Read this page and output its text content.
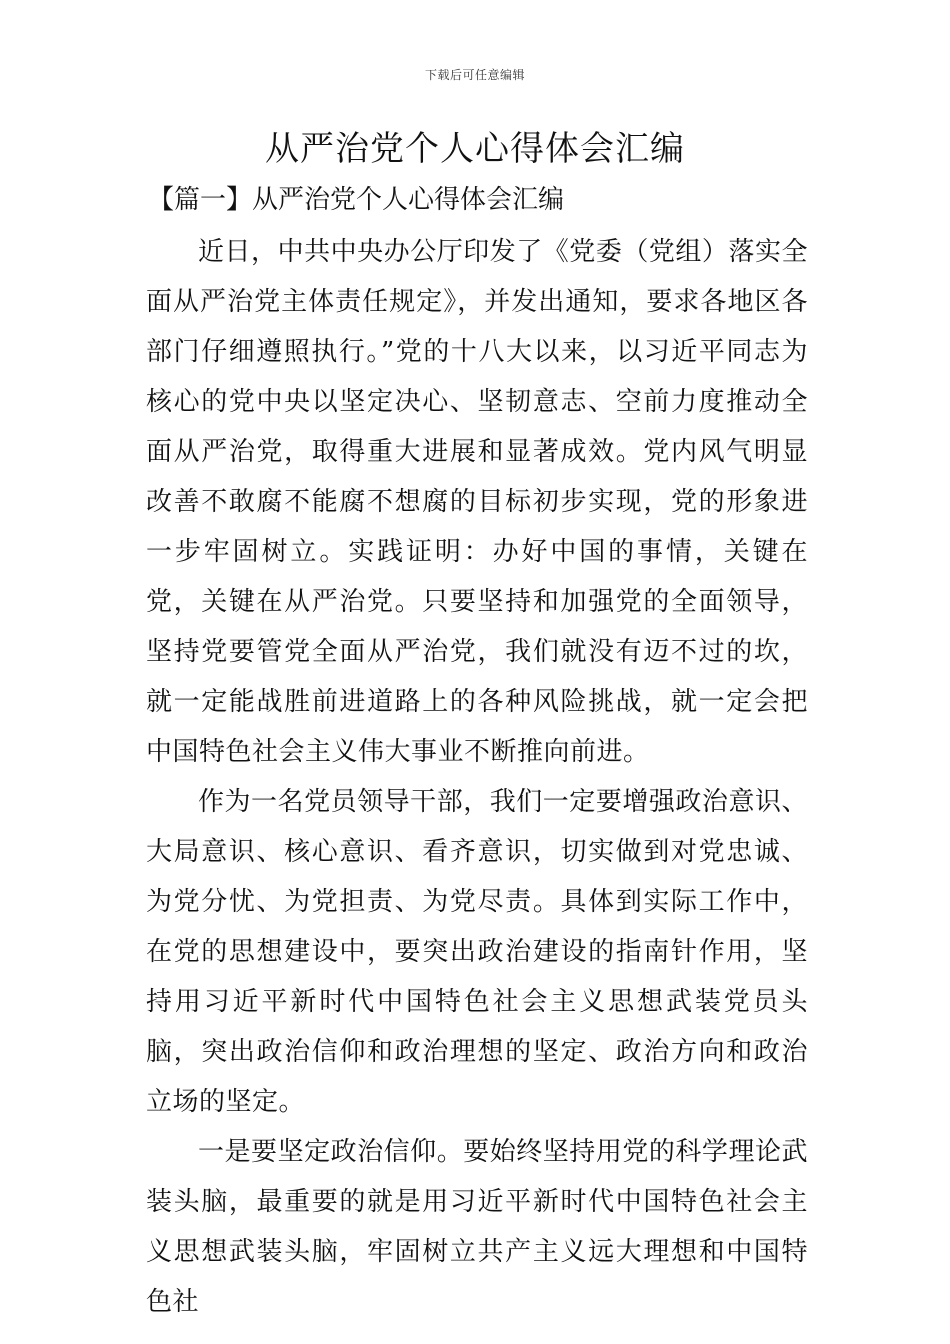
下载后可任意编辑
从严治党个人心得体会汇编
【篇一】从严治党个人心得体会汇编

近日，中共中央办公厅印发了《党委（党组）落实全面从严治党主体责任规定》，并发出通知，要求各地区各部门仔细遵照执行。”党的十八大以来，以习近平同志为核心的党中央以坚定决心、坚韧意志、空前力度推动全面从严治党，取得重大进展和显著成效。党内风气明显改善不敢腐不能腐不想腐的目标初步实现，党的形象进一步牢固树立。实践证明：办好中国的事情，关键在党，关键在从严治党。只要坚持和加强党的全面领导，坚持党要管党全面从严治党，我们就没有迈不过的坎，就一定能战胜前进道路上的各种风险挑战，就一定会把中国特色社会主义伟大事业不断推向前进。

作为一名党员领导干部，我们一定要增强政治意识、大局意识、核心意识、看齐意识，切实做到对党忠诚、为党分忧、为党担责、为党尽责。具体到实际工作中，在党的思想建设中，要突出政治建设的指南针作用，坚持用习近平新时代中国特色社会主义思想武装党员头脑，突出政治信仰和政治理想的坚定、政治方向和政治立场的坚定。

一是要坚定政治信仰。要始终坚持用党的科学理论武装头脑，最重要的就是用习近平新时代中国特色社会主义思想武装头脑，牢固树立共产主义远大理想和中国特色社
